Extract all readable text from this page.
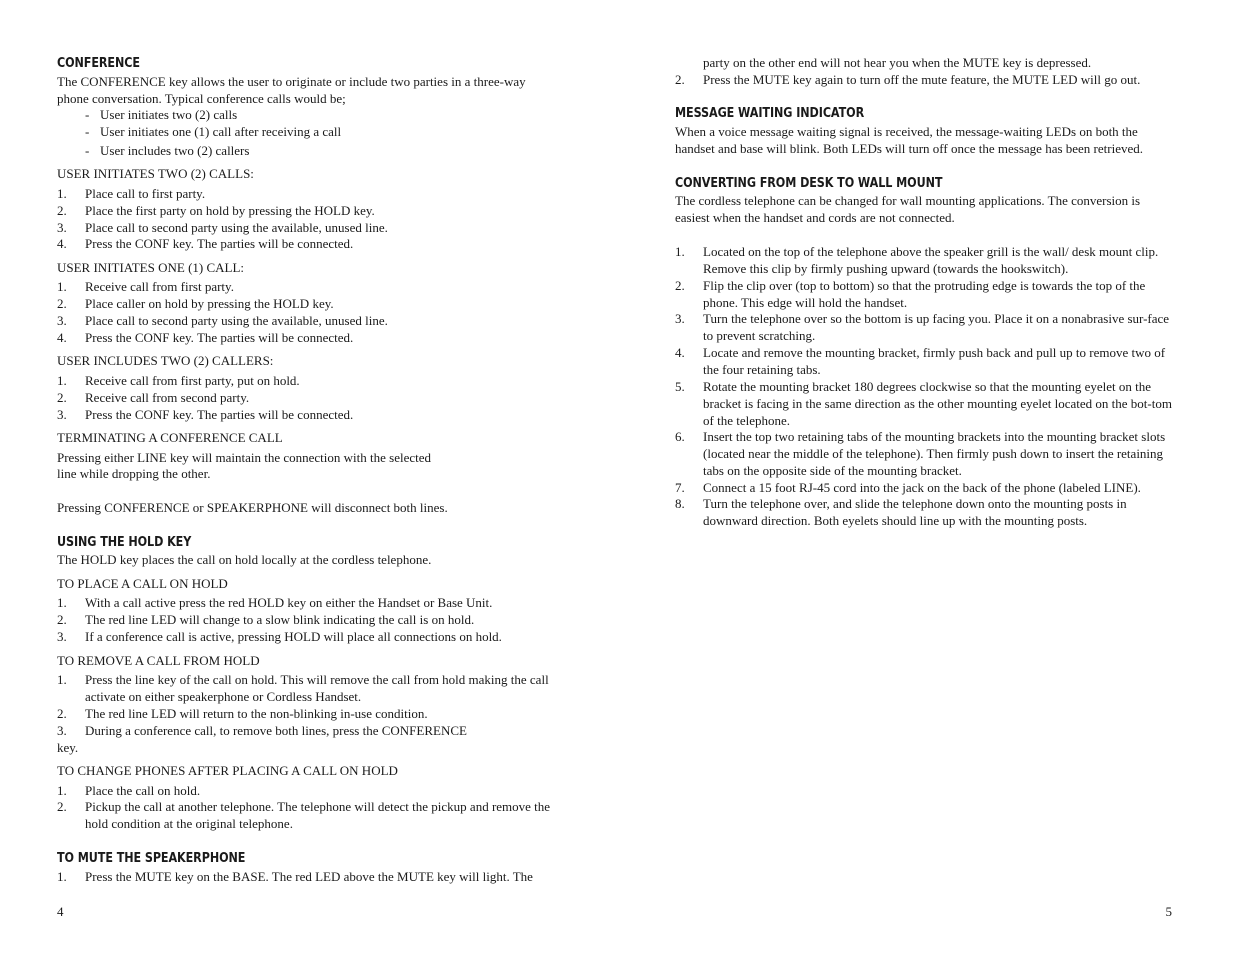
CONFERENCE
The CONFERENCE key allows the user to originate or include two parties in a three-way
phone conversation. Typical conference calls would be;
- User initiates two (2) calls
- User initiates one (1) call after receiving a call
- User includes two (2) callers
USER INITIATES TWO (2) CALLS:
1.	Place call to first party.
2.	Place the first party on hold by pressing the HOLD key.
3.	Place call to second party using the available, unused line.
4.	Press the CONF key. The parties will be connected.
USER INITIATES ONE (1) CALL:
1.	Receive call from first party.
2.	Place caller on hold by pressing the HOLD key.
3.	Place call to second party using the available, unused line.
4.	Press the CONF key. The parties will be connected.
USER INCLUDES TWO (2) CALLERS:
1.	Receive call from first party, put on hold.
2.	Receive call from second party.
3.	Press the CONF key. The parties will be connected.
TERMINATING A CONFERENCE CALL
Pressing either LINE key will maintain the connection with the selected
line while dropping the other.
Pressing CONFERENCE or SPEAKERPHONE will disconnect both lines.
USING THE HOLD KEY
The HOLD key places the call on hold locally at the cordless telephone.
TO PLACE A CALL ON HOLD
1.	With a call active press the red HOLD key on either the Handset or Base Unit.
2.	The red line LED will change to a slow blink indicating the call is on hold.
3.	If a conference call is active, pressing HOLD will place all connections on hold.
TO REMOVE A CALL FROM HOLD
1.	Press the line key of the call on hold. This will remove the call from hold making the call activate on either speakerphone or Cordless Handset.
2.	The red line LED will return to the non-blinking in-use condition.
3.	During a conference call, to remove both lines, press the CONFERENCE
key.
TO CHANGE PHONES AFTER PLACING A CALL ON HOLD
1.	Place the call on hold.
2.	Pickup the call at another telephone. The telephone will detect the pickup and remove the hold condition at the original telephone.
TO MUTE THE SPEAKERPHONE
1.	Press the MUTE key on the BASE. The red LED above the MUTE key will light. The
4
party on the other end will not hear you when the MUTE key is depressed.
2.	Press the MUTE key again to turn off the mute feature, the MUTE LED will go out.
MESSAGE WAITING INDICATOR
When a voice message waiting signal is received, the message-waiting LEDs on both the
handset and base will blink. Both LEDs will turn off once the message has been retrieved.
CONVERTING FROM DESK TO WALL MOUNT
The cordless telephone can be changed for wall mounting applications. The conversion is
easiest when the handset and cords are not connected.
1.	Located on the top of the telephone above the speaker grill is the wall/ desk mount clip. Remove this clip by firmly pushing upward (towards the hookswitch).
2.	Flip the clip over (top to bottom) so that the protruding edge is towards the top of the phone. This edge will hold the handset.
3.	Turn the telephone over so the bottom is up facing you. Place it on a nonabrasive sur-face to prevent scratching.
4.	Locate and remove the mounting bracket, firmly push back and pull up to remove two of the four retaining tabs.
5.	Rotate the mounting bracket 180 degrees clockwise so that the mounting eyelet on the bracket is facing in the same direction as the other mounting eyelet located on the bot-tom of the telephone.
6.	Insert the top two retaining tabs of the mounting brackets into the mounting bracket slots (located near the middle of the telephone). Then firmly push down to insert the retaining tabs on the opposite side of the mounting bracket.
7.	Connect a 15 foot RJ-45 cord into the jack on the back of the phone (labeled LINE).
8.	Turn the telephone over, and slide the telephone down onto the mounting posts in downward direction. Both eyelets should line up with the mounting posts.
5
